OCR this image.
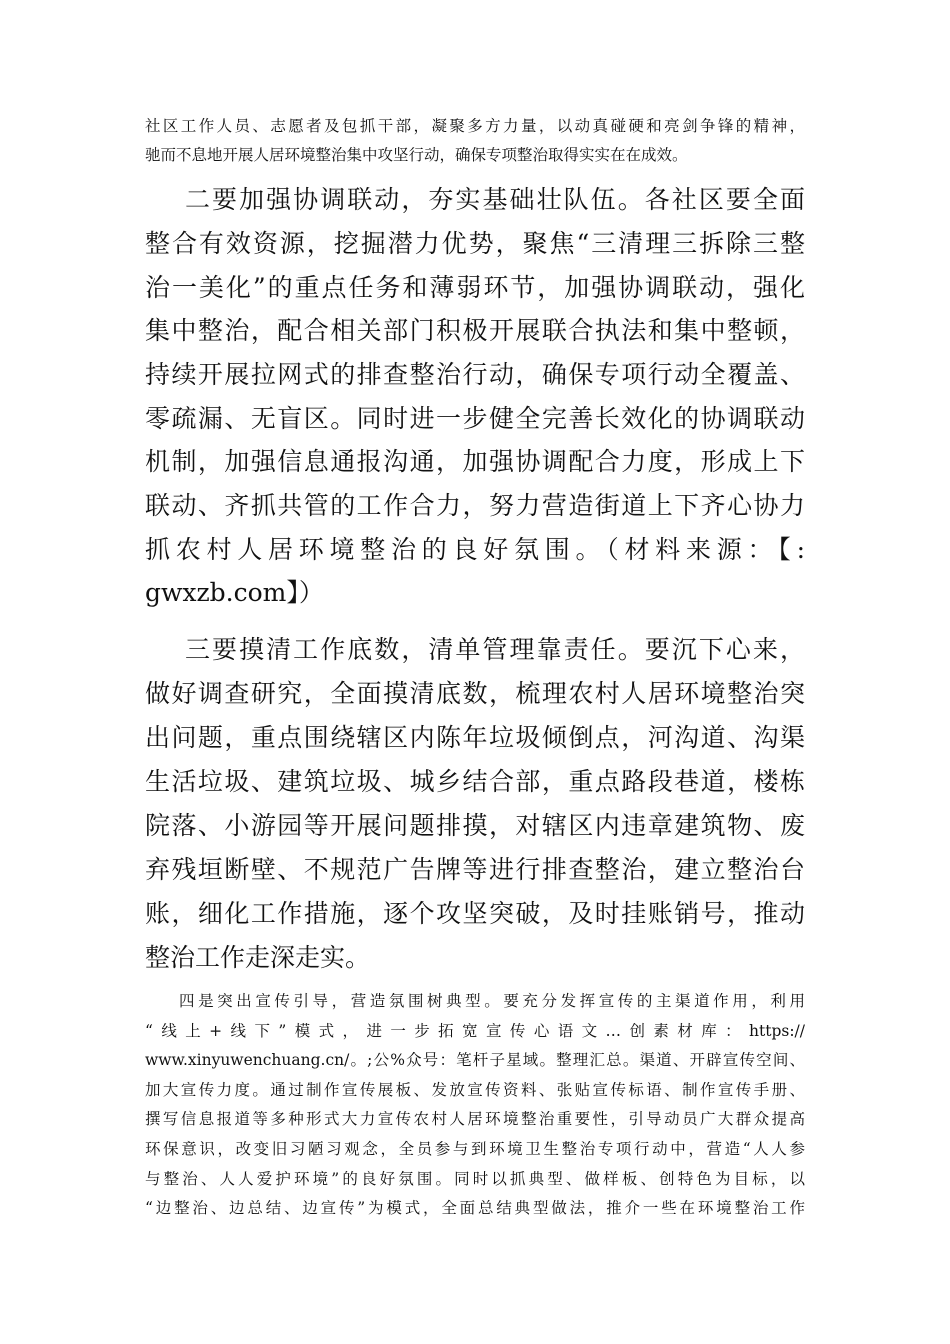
社区工作人员、志愿者及包抓干部，凝聚多方力量，以动真碰硬和亮剑争锋的精神，
驰而不息地开展人居环境整治集中攻坚行动，确保专项整治取得实实在在成效。
二要加强协调联动，夯实基础壮队伍。各社区要全面
整合有效资源，挖掘潜力优势，聚焦“三清理三拆除三整
治一美化”的重点任务和薄弱环节，加强协调联动，强化
集中整治，配合相关部门积极开展联合执法和集中整顿，
持续开展拉网式的排查整治行动，确保专项行动全覆盖、
零疏漏、无盲区。同时进一步健全完善长效化的协调联动
机制，加强信息通报沟通，加强协调配合力度，形成上下
联动、齐抓共管的工作合力，努力营造街道上下齐心协力
抓农村人居环境整治的良好氛围。（材料来源：【:
gwxzb.com】）
三要摸清工作底数，清单管理靠责任。要沉下心来，
做好调查研究，全面摸清底数，梳理农村人居环境整治突
出问题，重点围绕辖区内陈年垃圾倾倒点，河沟道、沟渠
生活垃圾、建筑垃圾、城乡结合部，重点路段巷道，楼栋
院落、小游园等开展问题排摸，对辖区内违章建筑物、废
弃残垣断壁、不规范广告牌等进行排查整治，建立整治台
账，细化工作措施，逐个攻坚突破，及时挂账销号，推动
整治工作走深走实。
四是突出宣传引导，营造氛围树典型。要充分发挥宣传的主渠道作用，利用
“线上+线下”模式，进一步拓宽宣传心语文…创素材库：https://
www.xinyuwenchuang.cn/。;公%众号：笔杆子星域。整理汇总。渠道、开辟宣传空间、
加大宣传力度。通过制作宣传展板、发放宣传资料、张贴宣传标语、制作宣传手册、
撰写信息报道等多种形式大力宣传农村人居环境整治重要性，引导动员广大群众提高
环保意识，改变旧习陋习观念，全员参与到环境卫生整治专项行动中，营造“人人参
与整治、人人爱护环境”的良好氛围。同时以抓典型、做样板、创特色为目标，以
“边整治、边总结、边宣传”为模式，全面总结典型做法，推介一些在环境整治工作
